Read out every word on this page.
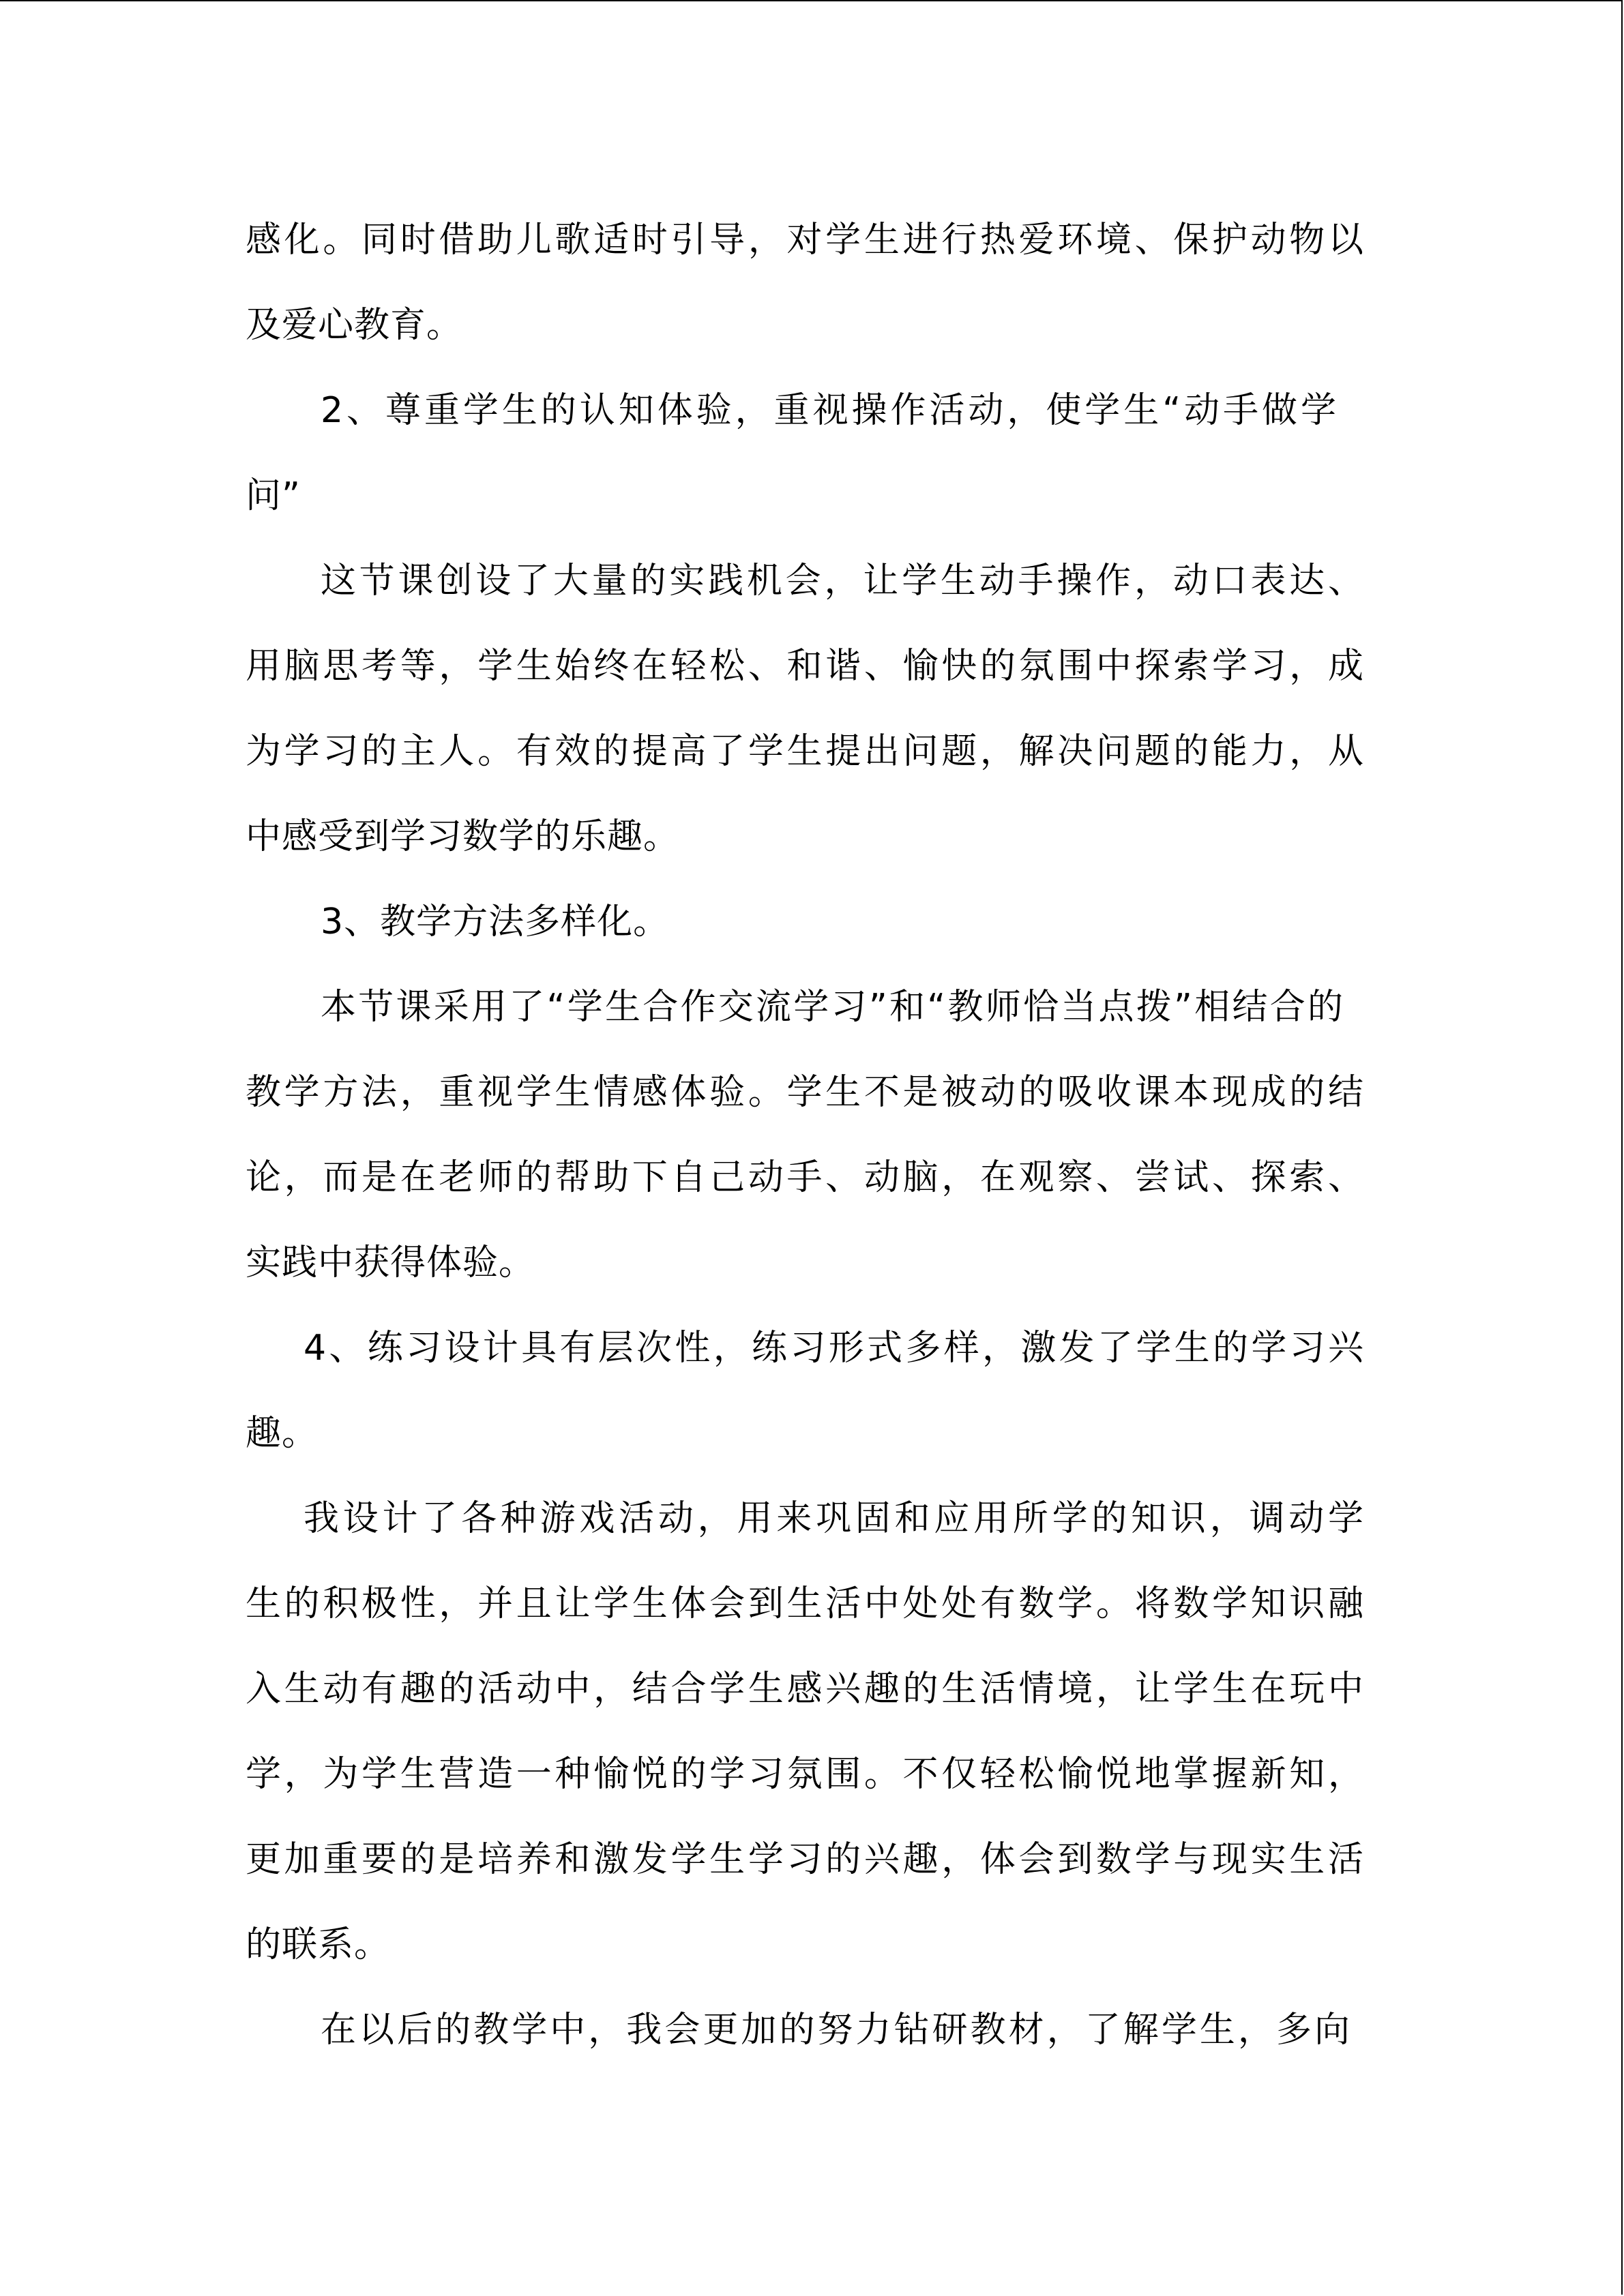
感化。同时借助儿歌适时引导，对学生进行热爱环境、保护动物以
及爱心教育。
2、尊重学生的认知体验，重视操作活动，使学生“动手做学
问”
这节课创设了大量的实践机会，让学生动手操作，动口表达、
用脑思考等，学生始终在轻松、和谐、愉快的氛围中探索学习，成
为学习的主人。有效的提高了学生提出问题，解决问题的能力，从
中感受到学习数学的乐趣。
3、教学方法多样化。
本节课采用了“学生合作交流学习”和“教师恰当点拨”相结合的
教学方法，重视学生情感体验。学生不是被动的吸收课本现成的结
论，而是在老师的帮助下自己动手、动脑，在观察、尝试、探索、
实践中获得体验。
4、练习设计具有层次性，练习形式多样，激发了学生的学习兴
趣。
我设计了各种游戏活动，用来巩固和应用所学的知识，调动学
生的积极性，并且让学生体会到生活中处处有数学。将数学知识融
入生动有趣的活动中，结合学生感兴趣的生活情境，让学生在玩中
学，为学生营造一种愉悦的学习氛围。不仅轻松愉悦地掌握新知，
更加重要的是培养和激发学生学习的兴趣，体会到数学与现实生活
的联系。
在以后的教学中，我会更加的努力钻研教材，了解学生，多向
